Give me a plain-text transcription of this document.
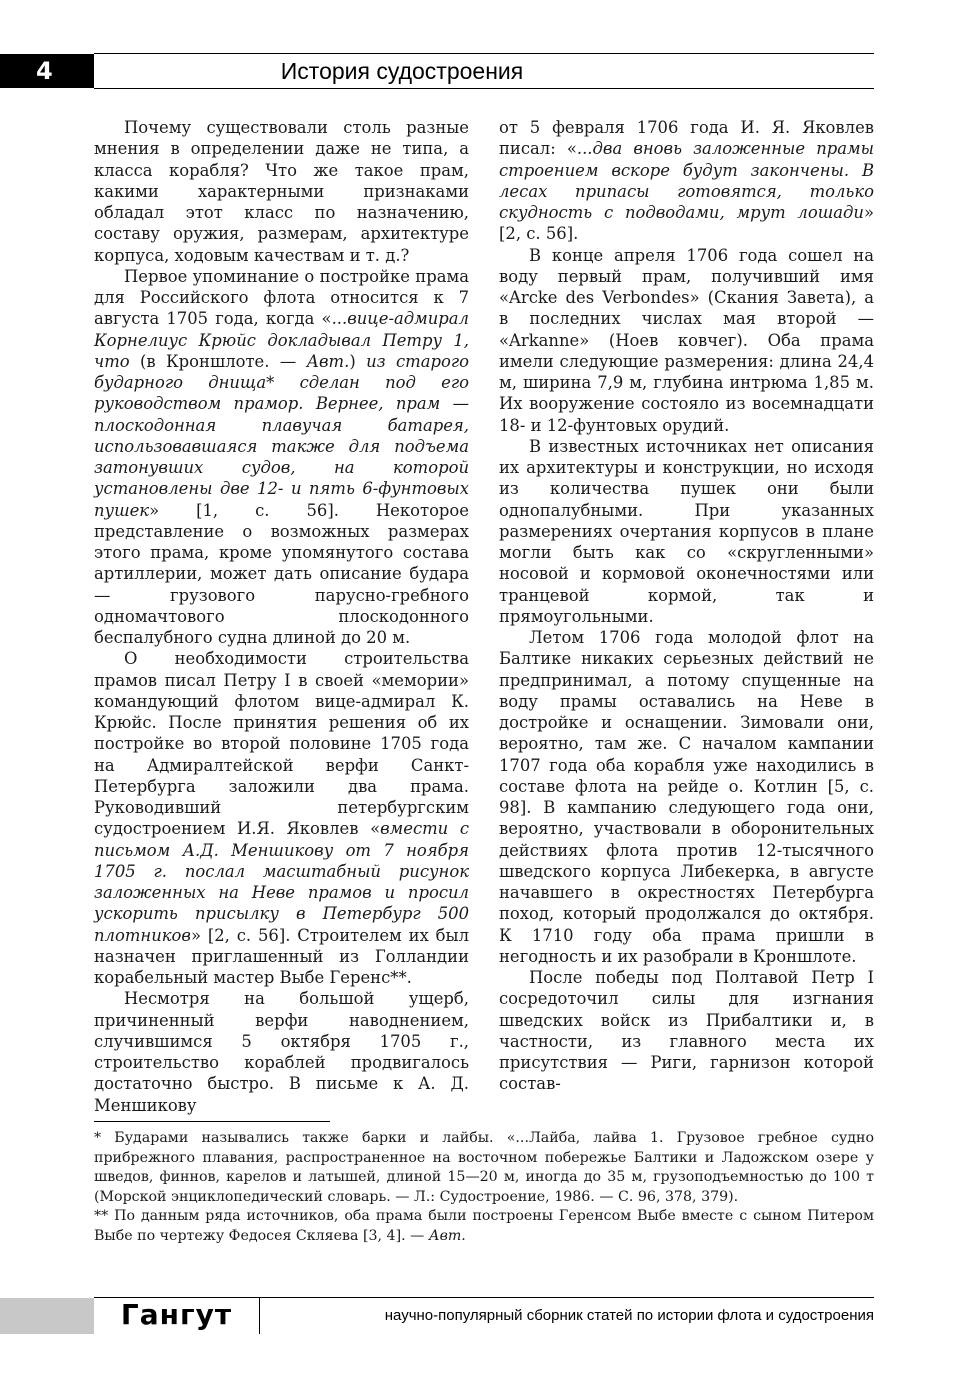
4	История судостроения

Почему существовали столь разные мнения в определении даже не типа, а класса корабля? Что же такое прам, какими характерными признаками обладал этот класс по назначению, составу оружия, размерам, архитектуре корпуса, ходовым качествам и т. д.?

Первое упоминание о постройке прама для Российского флота относится к 7 августа 1705 года, когда «...вице-адмирал Корнелиус Крюйс докладывал Петру 1, что (в Кроншлоте. — Авт.) из старого бударного днища* сделан под его руководством прамор. Вернее, прам — плоскодонная плавучая батарея, использовавшаяся также для подъема затонувших судов, на которой установлены две 12- и пять 6-фунтовых пушек» [1, с. 56]. Некоторое представление о возможных размерах этого прама, кроме упомянутого состава артиллерии, может дать описание бударa — грузового парусно-гребного одномачтового плоскодонного беспалубного судна длиной до 20 м.

О необходимости строительства прамов писал Петру I в своей «мемории» командующий флотом вице-адмирал К. Крюйс. После принятия решения об их постройке во второй половине 1705 года на Адмиралтейской верфи Санкт-Петербурга заложили два прама. Руководивший петербургским судостроением И.Я. Яковлев «вмести с письмом А.Д. Меншикову от 7 ноября 1705 г. послал масштабный рисунок заложенных на Неве прамов и просил ускорить присылку в Петербург 500 плотников» [2, с. 56]. Строителем их был назначен приглашенный из Голландии корабельный мастер Выбе Геренс**.

Несмотря на большой ущерб, причиненный верфи наводнением, случившимся 5 октября 1705 г., строительство кораблей продвигалось достаточно быстро. В письме к А. Д. Меншикову

от 5 февраля 1706 года И. Я. Яковлев писал: «...два вновь заложенные прамы строением вскоре будут закончены. В лесах припасы готовятся, только скудность с подводами, мрут лошади» [2, с. 56].

В конце апреля 1706 года сошел на воду первый прам, получивший имя «Arcke des Verbondes» (Скания Завета), а в последних числах мая второй — «Arkanne» (Ноев ковчег). Оба прама имели следующие размерения: длина 24,4 м, ширина 7,9 м, глубина интрюма 1,85 м. Их вооружение состояло из восемнадцати 18- и 12-фунтовых орудий.

В известных источниках нет описания их архитектуры и конструкции, но исходя из количества пушек они были однопалубными. При указанных размерениях очертания корпусов в плане могли быть как со «скругленными» носовой и кормовой оконечностями или транцевой кормой, так и прямоугольными.

Летом 1706 года молодой флот на Балтике никаких серьезных действий не предпринимал, а потому спущенные на воду прамы оставались на Неве в достройке и оснащении. Зимовали они, вероятно, там же. С началом кампании 1707 года оба корабля уже находились в составе флота на рейде о. Котлин [5, с. 98]. В кампанию следующего года они, вероятно, участвовали в оборонительных действиях флота против 12-тысячного шведского корпуса Либекерка, в августе начавшего в окрестностях Петербурга поход, который продолжался до октября. К 1710 году оба прама пришли в негодность и их разобрали в Кроншлоте.

После победы под Полтавой Петр I сосредоточил силы для изгнания шведских войск из Прибалтики и, в частности, из главного места их присутствия — Риги, гарнизон которой состав-

* Бударами назывались также барки и лайбы. «...Лайба, лайва 1. Грузовое гребное судно прибрежного плавания, распространенное на восточном побережье Балтики и Ладожском озере у шведов, финнов, карелов и латышей, длиной 15—20 м, иногда до 35 м, грузоподъемностью до 100 т (Морской энциклопедический словарь. — Л.: Судостроение, 1986. — С. 96, 378, 379).

** По данным ряда источников, оба прама были построены Геренсом Выбе вместе с сыном Питером Выбе по чертежу Федосея Скляева [3, 4]. — Авт.

Гангут	научно-популярный сборник статей по истории флота и судостроения
